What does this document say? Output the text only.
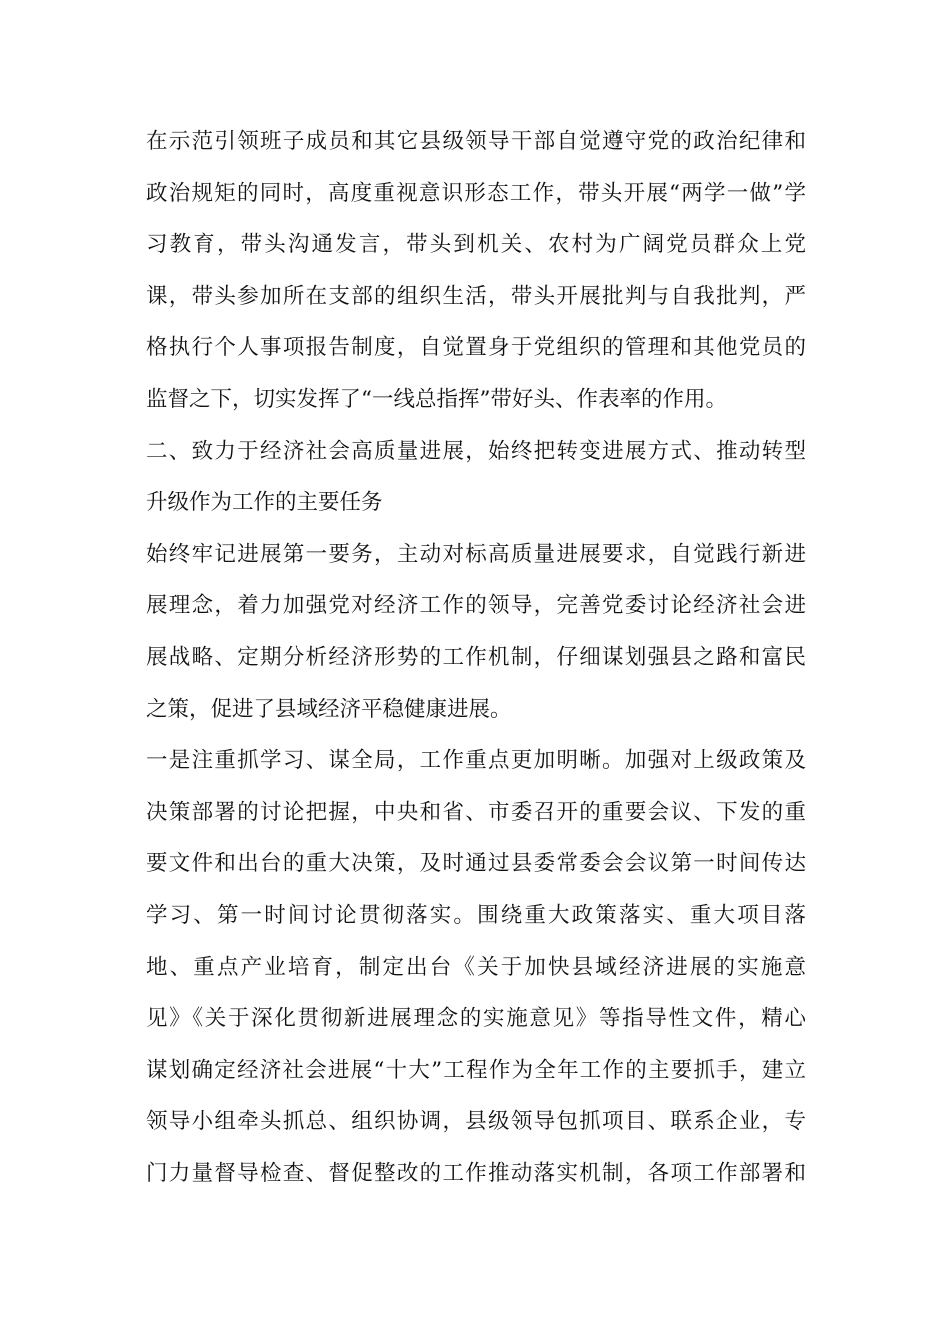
在示范引领班子成员和其它县级领导干部自觉遵守党的政治纪律和
政治规矩的同时，高度重视意识形态工作，带头开展“两学一做”学
习教育，带头沟通发言，带头到机关、农村为广阔党员群众上党
课，带头参加所在支部的组织生活，带头开展批判与自我批判，严
格执行个人事项报告制度，自觉置身于党组织的管理和其他党员的
监督之下，切实发挥了“一线总指挥”带好头、作表率的作用。
二、致力于经济社会高质量进展，始终把转变进展方式、推动转型
升级作为工作的主要任务
始终牢记进展第一要务，主动对标高质量进展要求，自觉践行新进
展理念，着力加强党对经济工作的领导，完善党委讨论经济社会进
展战略、定期分析经济形势的工作机制，仔细谋划强县之路和富民
之策，促进了县域经济平稳健康进展。
一是注重抓学习、谋全局，工作重点更加明晰。加强对上级政策及
决策部署的讨论把握，中央和省、市委召开的重要会议、下发的重
要文件和出台的重大决策，及时通过县委常委会会议第一时间传达
学习、第一时间讨论贯彻落实。围绕重大政策落实、重大项目落
地、重点产业培育，制定出台《关于加快县域经济进展的实施意
见》《关于深化贯彻新进展理念的实施意见》等指导性文件，精心
谋划确定经济社会进展“十大”工程作为全年工作的主要抓手，建立
领导小组牵头抓总、组织协调，县级领导包抓项目、联系企业，专
门力量督导检查、督促整改的工作推动落实机制，各项工作部署和
